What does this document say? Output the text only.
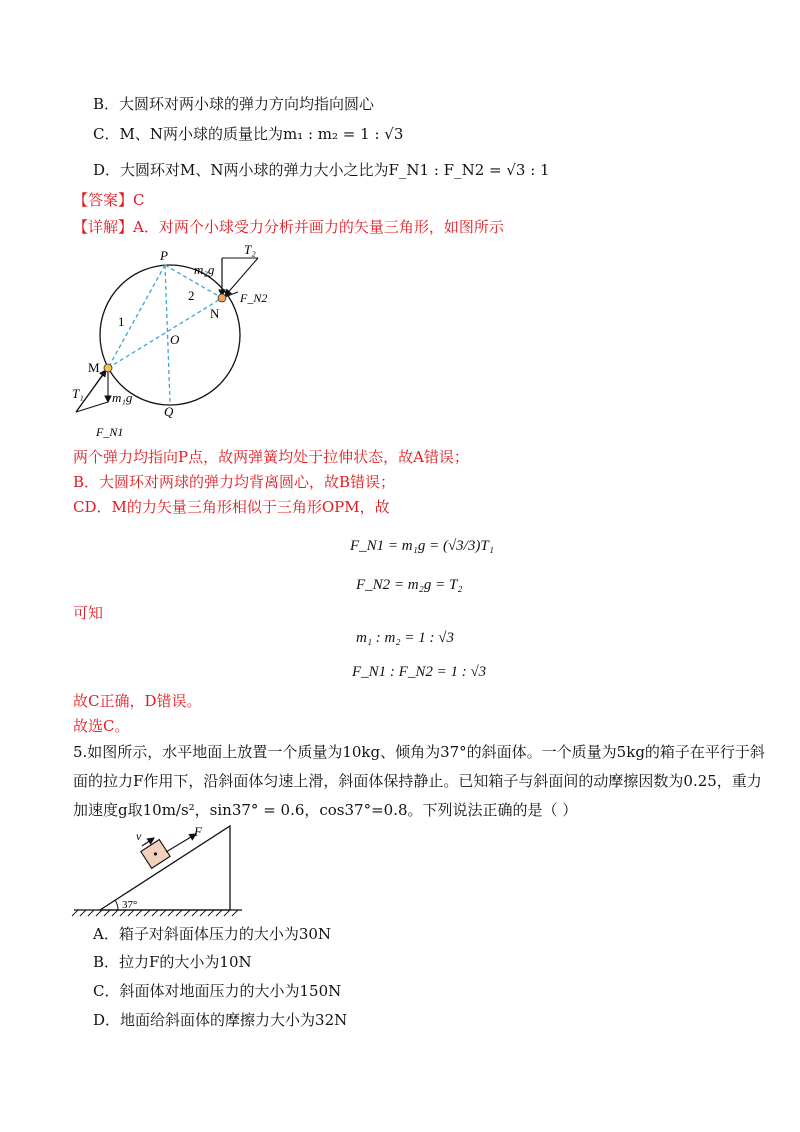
B．大圆环对两小球的弹力方向均指向圆心
C．M、N两小球的质量比为m₁ : m₂ = 1 : √3
D．大圆环对M、N两小球的弹力大小之比为F_N1 : F_N2 = √3 : 1
【答案】C
【详解】A．对两个小球受力分析并画力的矢量三角形，如图所示
P
N
O
M
Q
1
2
m₂g
T₂
F_N2
T₁ m₁g
F_N1
两个弹力均指向P点，故两弹簧均处于拉伸状态，故A错误；
B．大圆环对两球的弹力均背离圆心，故B错误；
CD．M的力矢量三角形相似于三角形OPM，故
F_N1 = m₁g = (√3/3)T₁
F_N2 = m₂g = T₂
可知
m₁ : m₂ = 1 : √3
F_N1 : F_N2 = 1 : √3
故C正确，D错误。
故选C。
5.如图所示，水平地面上放置一个质量为10kg、倾角为37°的斜面体。一个质量为5kg的箱子在平行于斜
面的拉力F作用下，沿斜面体匀速上滑，斜面体保持静止。已知箱子与斜面间的动摩擦因数为0.25，重力
加速度g取10m/s²，sin37° = 0.6，cos37°=0.8。下列说法正确的是（ ）
v	F
37°
A．箱子对斜面体压力的大小为30N
B．拉力F的大小为10N
C．斜面体对地面压力的大小为150N
D．地面给斜面体的摩擦力大小为32N
